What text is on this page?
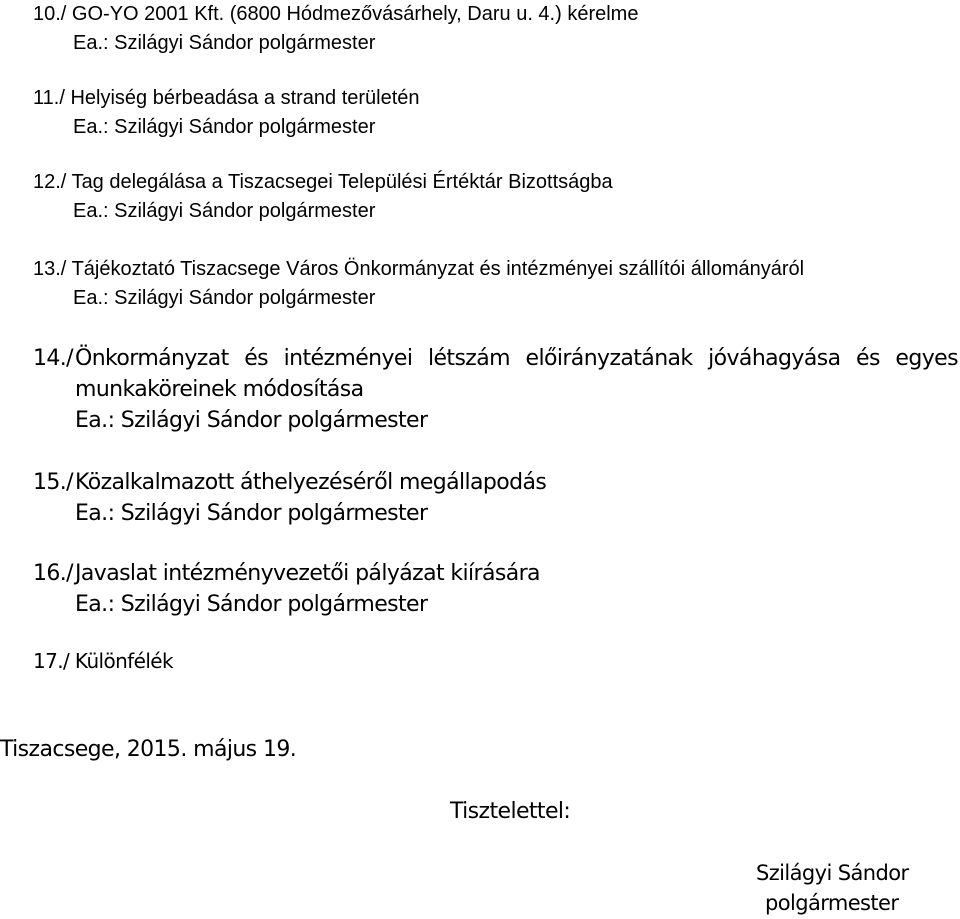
10./ GO-YO 2001 Kft. (6800 Hódmezővásárhely, Daru u. 4.) kérelme
Ea.: Szilágyi Sándor polgármester
11./ Helyiség bérbeadása a strand területén
Ea.: Szilágyi Sándor polgármester
12./ Tag delegálása a Tiszacsegei Települési Értéktár Bizottságba
Ea.: Szilágyi Sándor polgármester
13./ Tájékoztató Tiszacsege Város Önkormányzat és intézményei szállítói állományáról
Ea.: Szilágyi Sándor polgármester
14./ Önkormányzat és intézményei létszám előirányzatának jóváhagyása és egyes
munkaköreinek módosítása
Ea.: Szilágyi Sándor polgármester
15./ Közalkalmazott áthelyezéséről megállapodás
Ea.: Szilágyi Sándor polgármester
16./ Javaslat intézményvezetői pályázat kiírására
Ea.: Szilágyi Sándor polgármester
17./ Különfélék
Tiszacsege, 2015. május 19.
Tisztelettel:
Szilágyi Sándor
polgármester
